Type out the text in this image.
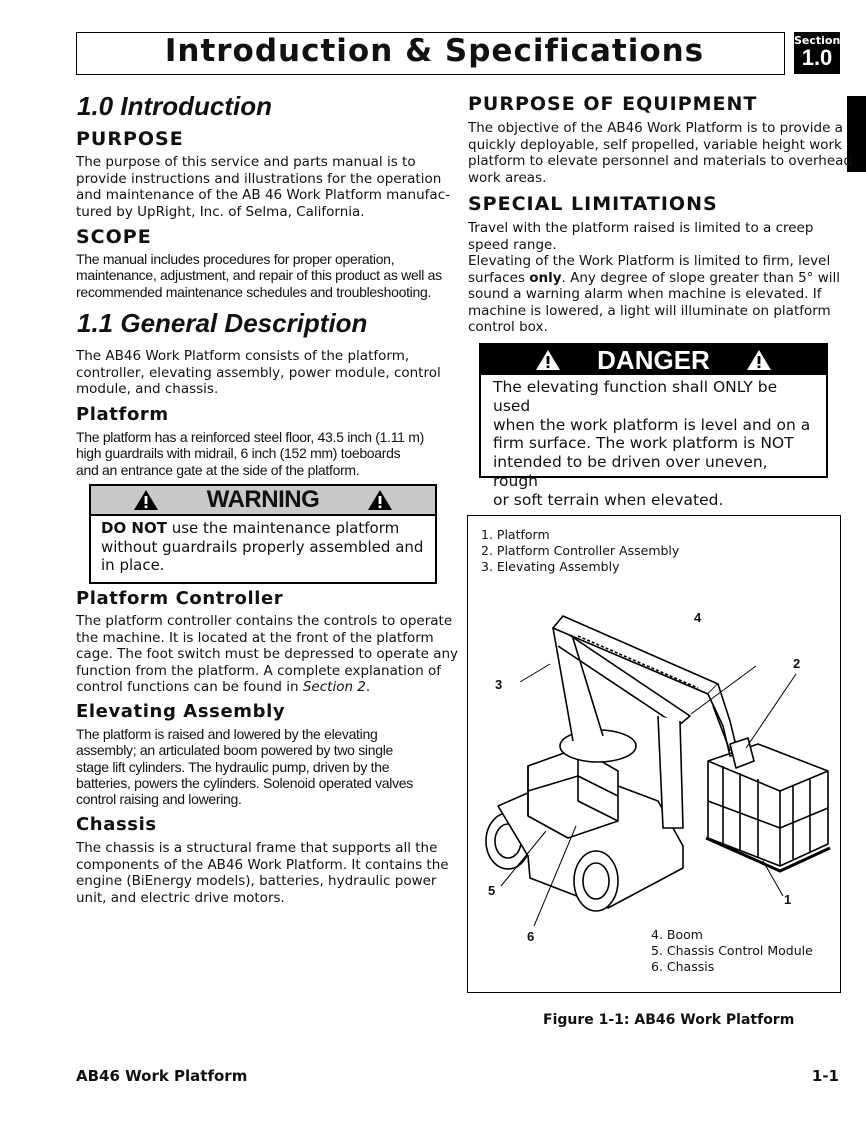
Introduction & Specifications	Section
1.0
1.0 Introduction
PURPOSE
The purpose of this service and parts manual is to
provide instructions and illustrations for the operation
and maintenance of the AB 46 Work Platform manufac-
tured by UpRight, Inc. of Selma, California.
SCOPE
The manual includes procedures for proper operation,
maintenance, adjustment, and repair of this product as well as
recommended maintenance schedules and troubleshooting.
1.1 General Description
The AB46 Work Platform consists of the platform,
controller, elevating assembly, power module, control
module, and chassis.
Platform
The platform has a reinforced steel floor, 43.5 inch (1.11 m)
high guardrails with midrail, 6 inch (152 mm) toeboards
and an entrance gate at the side of the platform.
WARNING
DO NOT use the maintenance platform
without guardrails properly assembled and
in place.
Platform Controller
The platform controller contains the controls to operate
the machine. It is located at the front of the platform
cage. The foot switch must be depressed to operate any
function from the platform. A complete explanation of
control functions can be found in Section 2.
Elevating Assembly
The platform is raised and lowered by the elevating
assembly; an articulated boom powered by two single
stage lift cylinders. The hydraulic pump, driven by the
batteries, powers the cylinders. Solenoid operated valves
control raising and lowering.
Chassis
The chassis is a structural frame that supports all the
components of the AB46 Work Platform. It contains the
engine (BiEnergy models), batteries, hydraulic power
unit, and electric drive motors.
PURPOSE OF EQUIPMENT
The objective of the AB46 Work Platform is to provide a
quickly deployable, self propelled, variable height work
platform to elevate personnel and materials to overhead
work areas.
SPECIAL LIMITATIONS
Travel with the platform raised is limited to a creep
speed range.
Elevating of the Work Platform is limited to firm, level
surfaces only. Any degree of slope greater than 5° will
sound a warning alarm when machine is elevated. If
machine is lowered, a light will illuminate on platform
control box.
DANGER
The elevating function shall ONLY be used
when the work platform is level and on a
firm surface. The work platform is NOT
intended to be driven over uneven, rough
or soft terrain when elevated.
1. Platform
2. Platform Controller Assembly
3. Elevating Assembly
4
2
3
1
5
6	4. Boom
5. Chassis Control Module
6. Chassis
Figure 1-1: AB46 Work Platform
AB46 Work Platform	1-1
